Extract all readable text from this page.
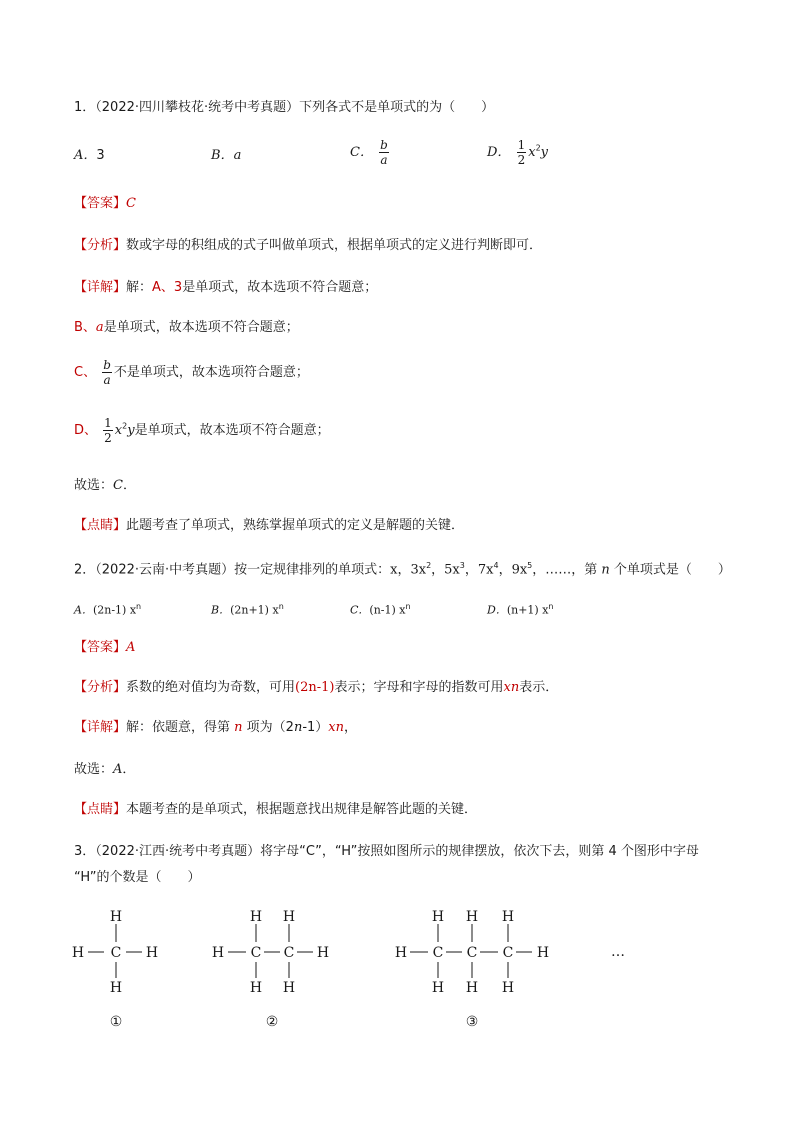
1．（2022·四川攀枝花·统考中考真题）下列各式不是单项式的为（　　）
A．3	B．a	C． $\frac{b}{a}$	D． $\frac{1}{2} x^2y$
【答案】C
【分析】数或字母的积组成的式子叫做单项式，根据单项式的定义进行判断即可．
【详解】解：A、3是单项式，故本选项不符合题意；
B、a是单项式，故本选项不符合题意；
C、 $\frac{b}{a}$ 不是单项式，故本选项符合题意；
D、 $\frac{1}{2} x^2y$是单项式，故本选项不符合题意；
故选：C．
【点睛】此题考查了单项式，熟练掌握单项式的定义是解题的关键．
2．（2022·云南·中考真题）按一定规律排列的单项式：x，$3x^2$，$5x^3$，$7x^4$，$9x^5$，……，第 n 个单项式是（　　）
A．(2n-1) $x^n$	B．(2n+1) $x^n$	C．(n-1) $x^n$	D．(n+1) $x^n$
【答案】A
【分析】系数的绝对值均为奇数，可用(2n-1)表示；字母和字母的指数可用xn表示．
【详解】解：依题意，得第 n 项为（2n-1）xn，
故选：A．
【点睛】本题考查的是单项式，根据题意找出规律是解答此题的关键．
3．（2022·江西·统考中考真题）将字母“C”，“H”按照如图所示的规律摆放，依次下去，则第 4 个图形中字母
“H”的个数是（　　）
H
H C H
H
①
H H
H C C H
H H
②
H H H
H C C C H
H H H
③
…
